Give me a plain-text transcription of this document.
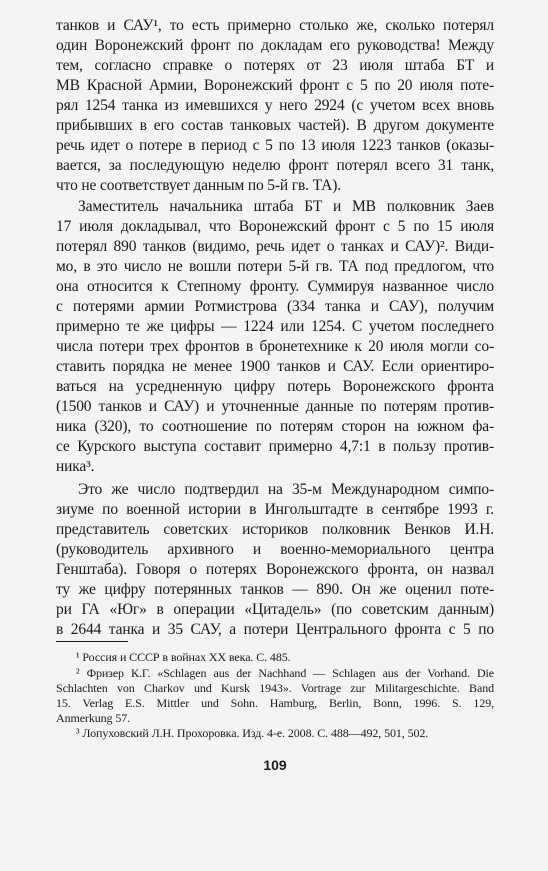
танков и САУ¹, то есть примерно столько же, сколько потерял
один Воронежский фронт по докладам его руководства! Между
тем, согласно справке о потерях от 23 июля штаба БТ и
МВ Красной Армии, Воронежский фронт с 5 по 20 июля поте-
рял 1254 танка из имевшихся у него 2924 (с учетом всех вновь
прибывших в его состав танковых частей). В другом документе
речь идет о потере в период с 5 по 13 июля 1223 танков (оказы-
вается, за последующую неделю фронт потерял всего 31 танк,
что не соответствует данным по 5-й гв. ТА).
Заместитель начальника штаба БТ и МВ полковник Заев
17 июля докладывал, что Воронежский фронт с 5 по 15 июля
потерял 890 танков (видимо, речь идет о танках и САУ)². Види-
мо, в это число не вошли потери 5-й гв. ТА под предлогом, что
она относится к Степному фронту. Суммируя названное число
с потерями армии Ротмистрова (334 танка и САУ), получим
примерно те же цифры — 1224 или 1254. С учетом последнего
числа потери трех фронтов в бронетехнике к 20 июля могли со-
ставить порядка не менее 1900 танков и САУ. Если ориентиро-
ваться на усредненную цифру потерь Воронежского фронта
(1500 танков и САУ) и уточненные данные по потерям против-
ника (320), то соотношение по потерям сторон на южном фа-
се Курского выступа составит примерно 4,7:1 в пользу против-
ника³.
Это же число подтвердил на 35-м Международном симпо-
зиуме по военной истории в Ингольштадте в сентябре 1993 г.
представитель советских историков полковник Венков И.Н.
(руководитель архивного и военно-мемориального центра
Генштаба). Говоря о потерях Воронежского фронта, он назвал
ту же цифру потерянных танков — 890. Он же оценил поте-
ри ГА «Юг» в операции «Цитадель» (по советским данным)
в 2644 танка и 35 САУ, а потери Центрального фронта с 5 по
¹ Россия и СССР в войнах XX века. С. 485.
² Фризер К.Г. «Schlagen aus der Nachhand — Schlagen aus der Vorhand. Die
Schlachten von Charkov und Kursk 1943». Vortrage zur Militargeschichte. Band
15. Verlag E.S. Mittler und Sohn. Hamburg, Berlin, Bonn, 1996. S. 129,
Anmerkung 57.
³ Лопуховский Л.Н. Прохоровка. Изд. 4-е. 2008. С. 488—492, 501, 502.
109
